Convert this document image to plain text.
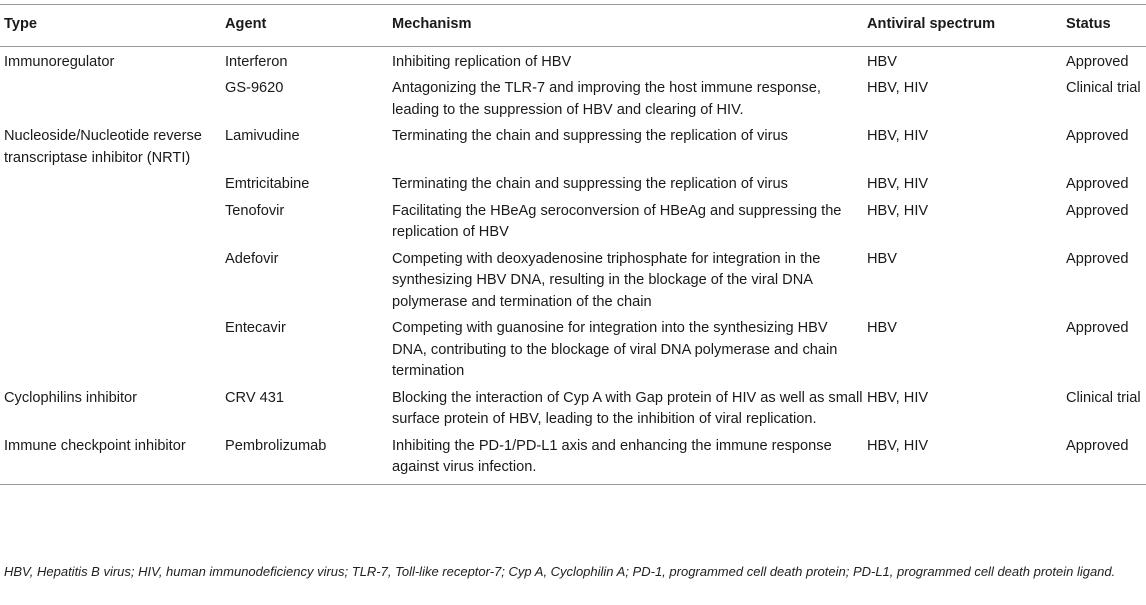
Type	Agent	Mechanism	Antiviral spectrum	Status
Immunoregulator	Interferon	Inhibiting replication of HBV	HBV	Approved
	GS-9620	Antagonizing the TLR-7 and improving the host immune response, leading to the suppression of HBV and clearing of HIV.	HBV, HIV	Clinical trial
Nucleoside/Nucleotide reverse transcriptase inhibitor (NRTI)	Lamivudine	Terminating the chain and suppressing the replication of virus	HBV, HIV	Approved
	Emtricitabine	Terminating the chain and suppressing the replication of virus	HBV, HIV	Approved
	Tenofovir	Facilitating the HBeAg seroconversion of HBeAg and suppressing the replication of HBV	HBV, HIV	Approved
	Adefovir	Competing with deoxyadenosine triphosphate for integration in the synthesizing HBV DNA, resulting in the blockage of the viral DNA polymerase and termination of the chain	HBV	Approved
	Entecavir	Competing with guanosine for integration into the synthesizing HBV DNA, contributing to the blockage of viral DNA polymerase and chain termination	HBV	Approved
Cyclophilins inhibitor	CRV 431	Blocking the interaction of Cyp A with Gap protein of HIV as well as small surface protein of HBV, leading to the inhibition of viral replication.	HBV, HIV	Clinical trial
Immune checkpoint inhibitor	Pembrolizumab	Inhibiting the PD-1/PD-L1 axis and enhancing the immune response against virus infection.	HBV, HIV	Approved
HBV, Hepatitis B virus; HIV, human immunodeficiency virus; TLR-7, Toll-like receptor-7; Cyp A, Cyclophilin A; PD-1, programmed cell death protein; PD-L1, programmed cell death protein ligand.
